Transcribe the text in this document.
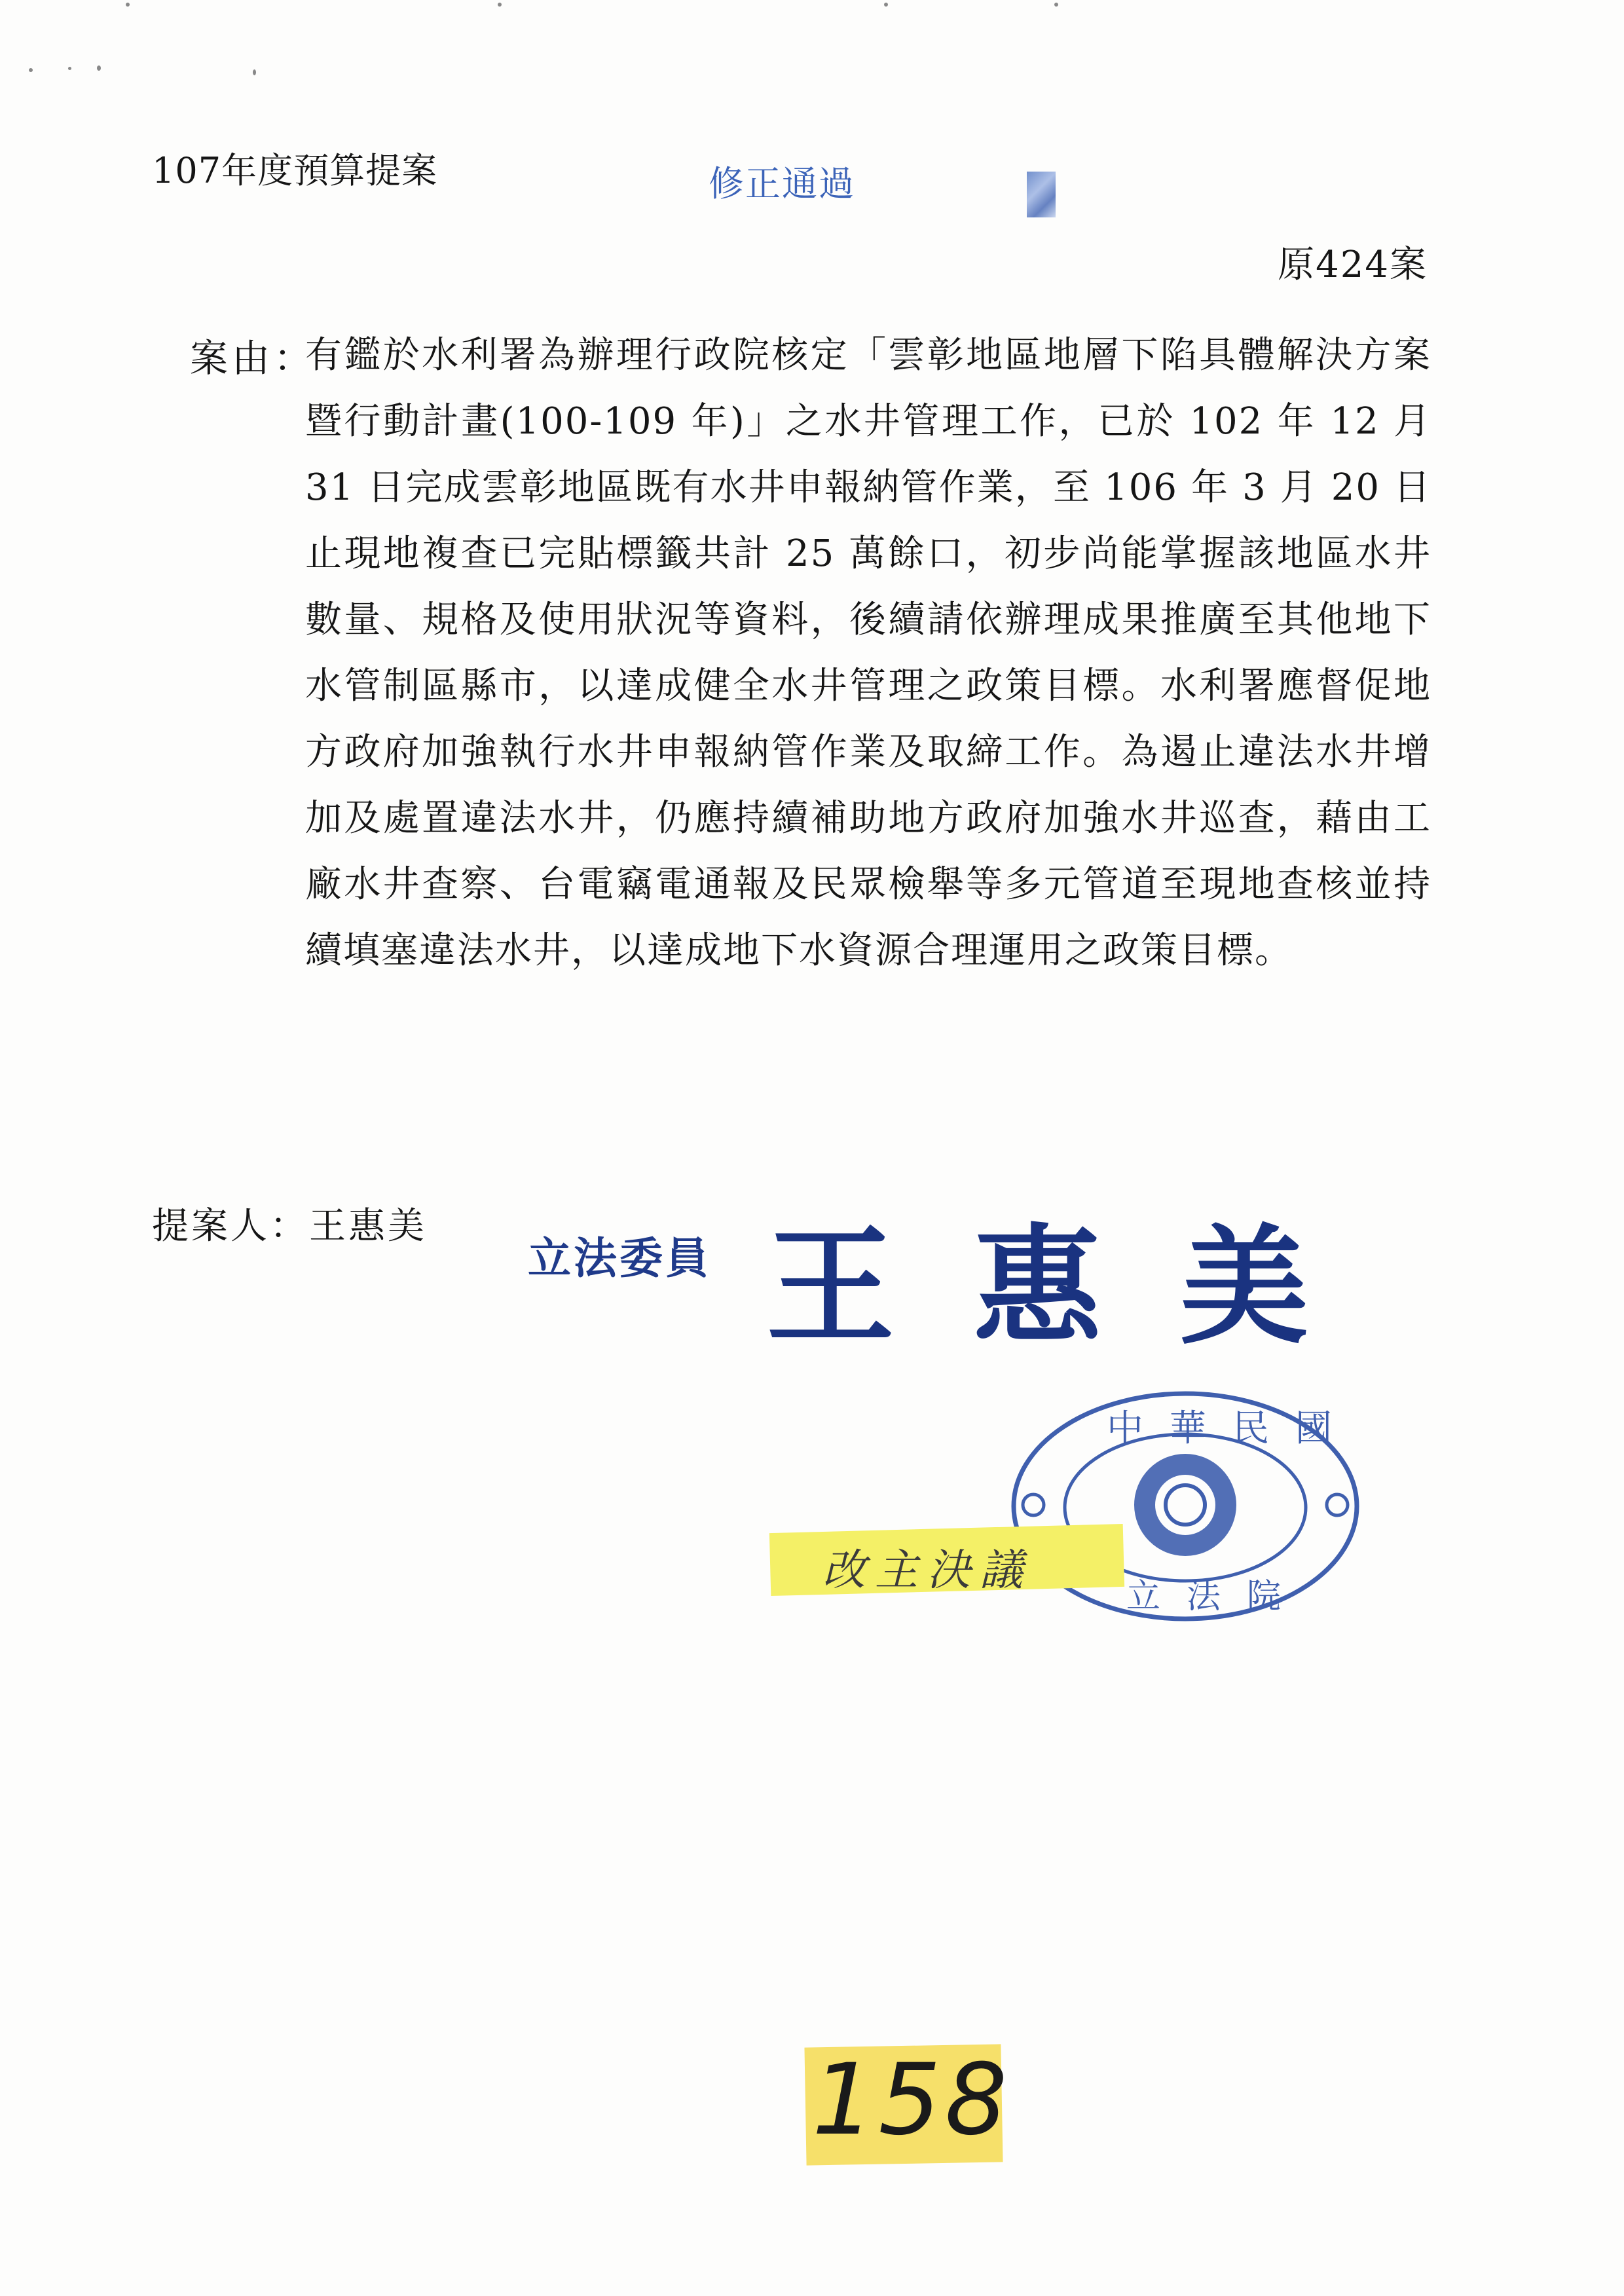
107年度預算提案	修正通過
原424案
案由：
有鑑於水利署為辦理行政院核定「雲彰地區地層下陷具體解決方案暨行動計畫(100-109 年)」之水井管理工作，已於 102 年 12 月 31 日完成雲彰地區既有水井申報納管作業，至 106 年 3 月 20 日止現地複查已完貼標籤共計 25 萬餘口，初步尚能掌握該地區水井數量、規格及使用狀況等資料，後續請依辦理成果推廣至其他地下水管制區縣市，以達成健全水井管理之政策目標。水利署應督促地方政府加強執行水井申報納管作業及取締工作。為遏止違法水井增加及處置違法水井，仍應持續補助地方政府加強水井巡查，藉由工廠水井查察、台電竊電通報及民眾檢舉等多元管道至現地查核並持續填塞違法水井，以達成地下水資源合理運用之政策目標。
提案人：王惠美
立法委員 王惠美
中華民國
立法院
改主決議
158
